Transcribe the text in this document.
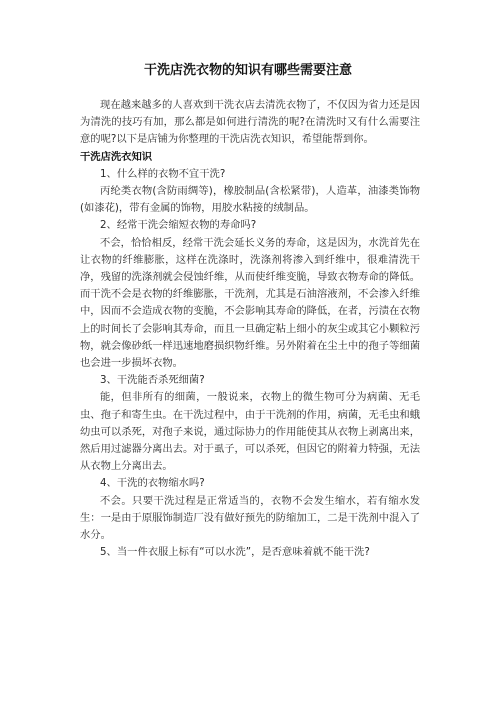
干洗店洗衣物的知识有哪些需要注意

现在越来越多的人喜欢到干洗衣店去清洗衣物了，不仅因为省力还是因为清洗的技巧有加，那么都是如何进行清洗的呢?在清洗时又有什么需要注意的呢?以下是店铺为你整理的干洗店洗衣知识，希望能帮到你。

干洗店洗衣知识

1、什么样的衣物不宜干洗?

丙纶类衣物(含防雨绸等)，橡胶制品(含松紧带)，人造革，油漆类饰物(如漆花)，带有金属的饰物，用胶水粘接的绒制品。

2、经常干洗会缩短衣物的寿命吗?

不会，恰恰相反，经常干洗会延长义务的寿命，这是因为，水洗首先在让衣物的纤维膨胀，这样在洗涤时，洗涤剂将渗入到纤维中，很难清洗干净，残留的洗涤剂就会侵蚀纤维，从而使纤维变脆，导致衣物寿命的降低。而干洗不会是衣物的纤维膨胀，干洗剂，尤其是石油溶液剂，不会渗入纤维中，因而不会造成衣物的变脆，不会影响其寿命的降低，在者，污渍在衣物上的时间长了会影响其寿命，而且一旦确定粘上细小的灰尘或其它小颗粒污物，就会像砂纸一样迅速地磨损织物纤维。另外附着在尘土中的孢子等细菌也会进一步损坏衣物。

3、干洗能否杀死细菌?

能，但非所有的细菌，一般说来，衣物上的微生物可分为病菌、无毛虫、孢子和寄生虫。在干洗过程中，由于干洗剂的作用，病菌，无毛虫和蛾幼虫可以杀死，对孢子来说，通过际协力的作用能使其从衣物上剥离出来，然后用过滤器分离出去。对于虱子，可以杀死，但因它的附着力特强，无法从衣物上分离出去。

4、干洗的衣物缩水吗?

不会。只要干洗过程是正常适当的，衣物不会发生缩水，若有缩水发生：一是由于原服饰制造厂没有做好预先的防缩加工，二是干洗剂中混入了水分。

5、当一件衣服上标有“可以水洗”，是否意味着就不能干洗?
